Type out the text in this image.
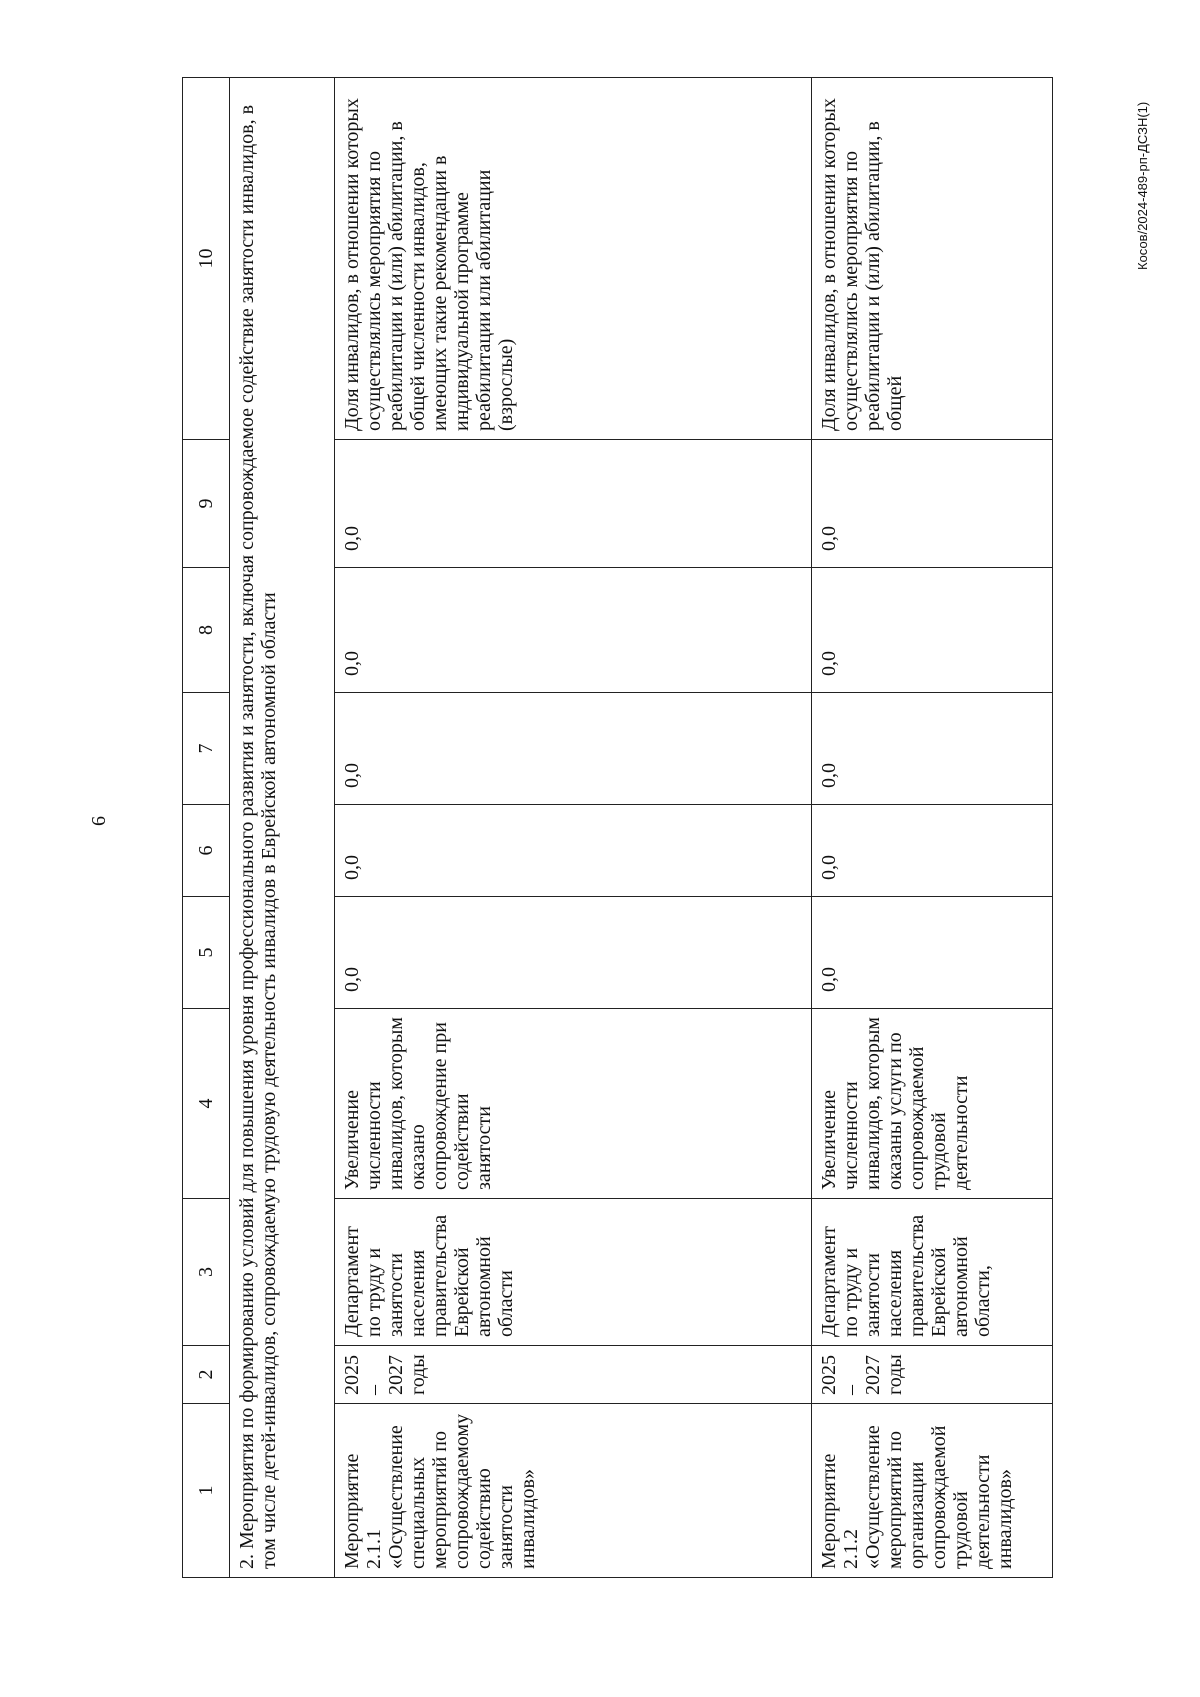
6
Косов/2024-489-рп-ДСЗН(1)
1	2	3	4	5	6	7	8	9	10
2. Мероприятия по формированию условий для повышения уровня профессионального развития и занятости, включая сопровождаемое содействие занятости инвалидов, в том числе детей-инвалидов, сопровождаемую трудовую деятельность инвалидов в Еврейской автономной области									
Мероприятие 2.1.1 «Осуществление специальных мероприятий по сопровождаемому содействию занятости инвалидов»	2025 – 2027 годы	Департамент по труду и занятости населения правительства Еврейской автономной области	Увеличение численности инвалидов, которым оказано сопровождение при содействии занятости	0,0	0,0	0,0	0,0	0,0	Доля инвалидов, в отношении которых осуществлялись мероприятия по реабилитации и (или) абилитации, в общей численности инвалидов, имеющих такие рекомендации в индивидуальной программе реабилитации или абилитации (взрослые)
Мероприятие 2.1.2 «Осуществление мероприятий по организации сопровождаемой трудовой деятельности инвалидов»	2025 – 2027 годы	Департамент по труду и занятости населения правительства Еврейской автономной области,	Увеличение численности инвалидов, которым оказаны услуги по сопровождаемой трудовой деятельности	0,0	0,0	0,0	0,0	0,0	Доля инвалидов, в отношении которых осуществлялись мероприятия по реабилитации и (или) абилитации, в общей
